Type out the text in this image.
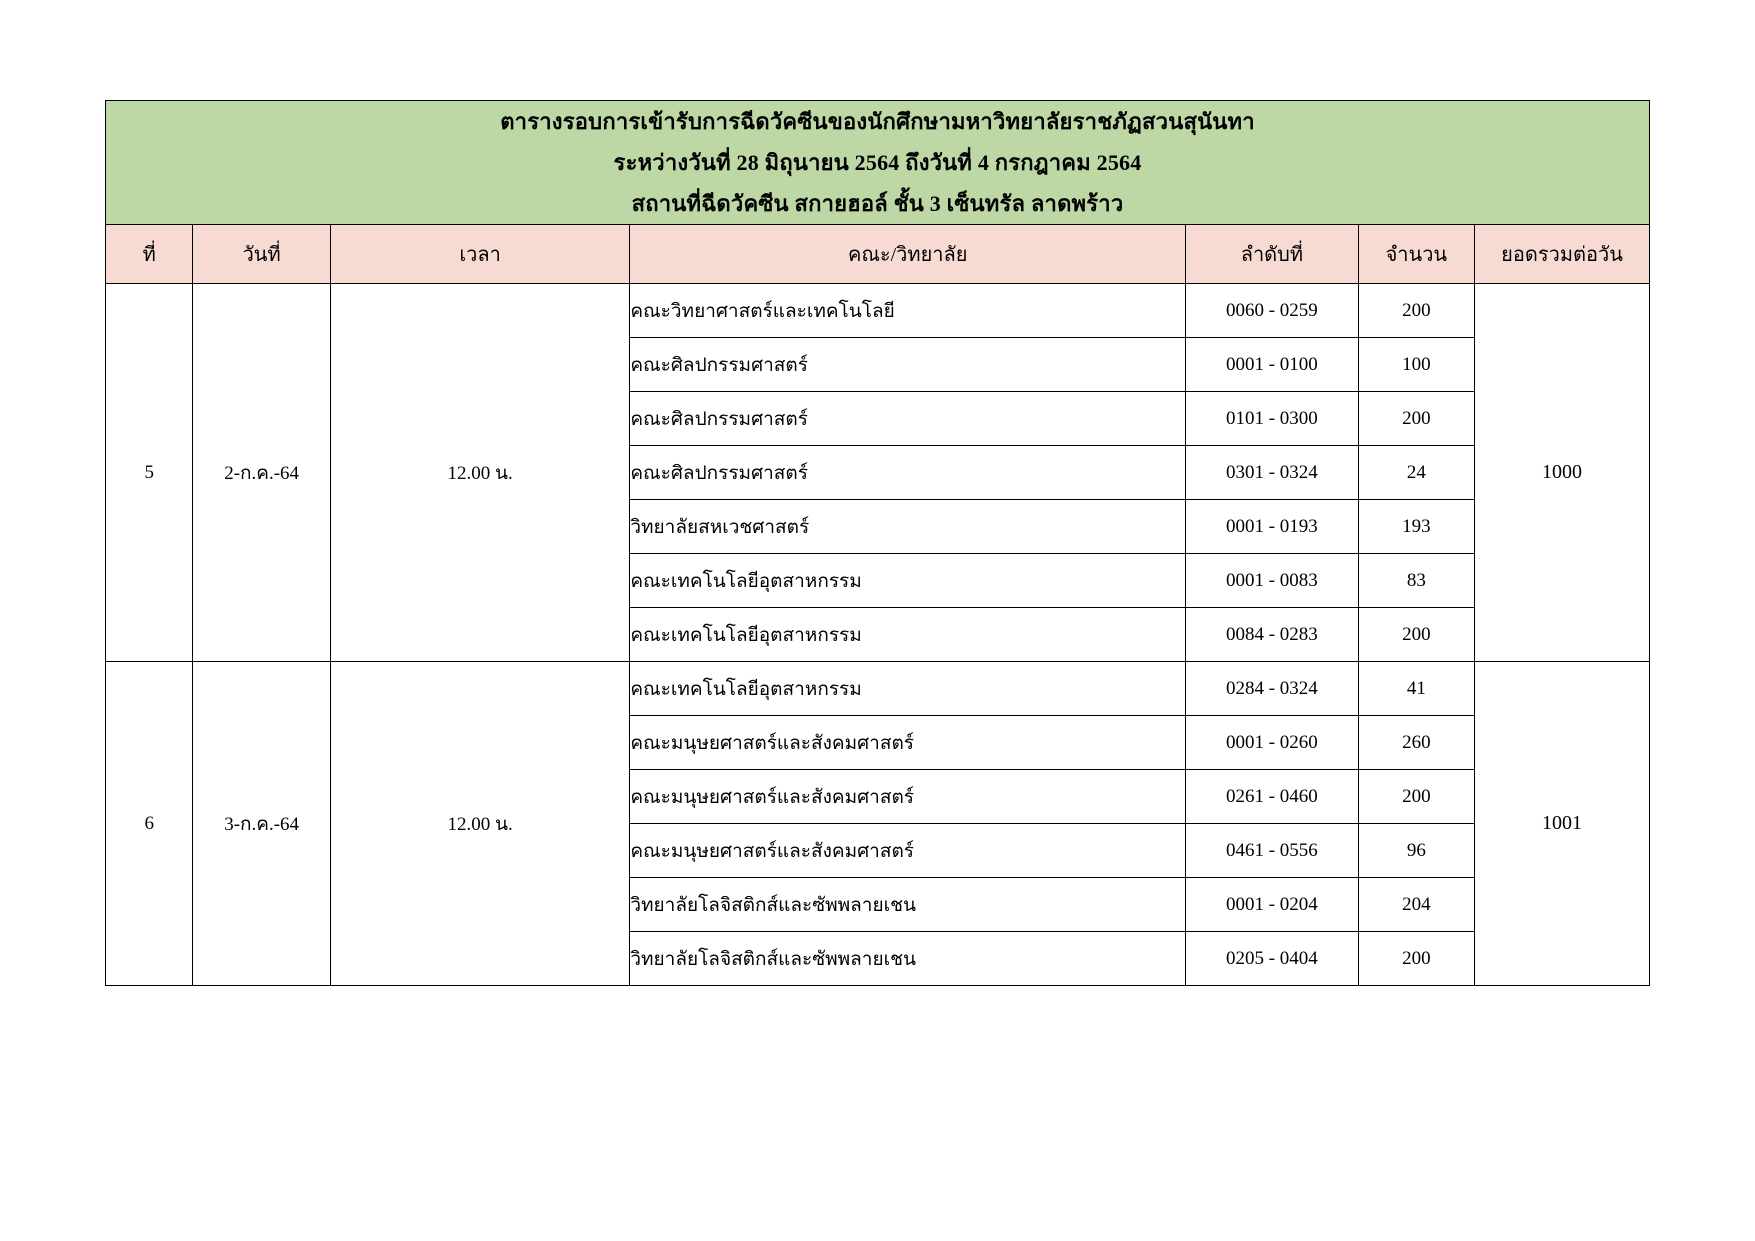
ตารางรอบการเข้ารับการฉีดวัคซีนของนักศึกษามหาวิทยาลัยราชภัฏสวนสุนันทา
ระหว่างวันที่ 28 มิถุนายน 2564 ถึงวันที่ 4 กรกฎาคม 2564
สถานที่ฉีดวัคซีน สกายฮอล์ ชั้น 3 เซ็นทรัล ลาดพร้าว						

ที่	วันที่	เวลา	คณะ/วิทยาลัย	ลำดับที่	จำนวน	ยอดรวมต่อวัน
5	2-ก.ค.-64	12.00 น.	คณะวิทยาศาสตร์และเทคโนโลยี	0060 - 0259	200	1000
			คณะศิลปกรรมศาสตร์	0001 - 0100	100	
			คณะศิลปกรรมศาสตร์	0101 - 0300	200	
			คณะศิลปกรรมศาสตร์	0301 - 0324	24	
			วิทยาลัยสหเวชศาสตร์	0001 - 0193	193	
			คณะเทคโนโลยีอุตสาหกรรม	0001 - 0083	83	
			คณะเทคโนโลยีอุตสาหกรรม	0084 - 0283	200	
6	3-ก.ค.-64	12.00 น.	คณะเทคโนโลยีอุตสาหกรรม	0284 - 0324	41	1001
			คณะมนุษยศาสตร์และสังคมศาสตร์	0001 - 0260	260	
			คณะมนุษยศาสตร์และสังคมศาสตร์	0261 - 0460	200	
			คณะมนุษยศาสตร์และสังคมศาสตร์	0461 - 0556	96	
			วิทยาลัยโลจิสติกส์และซัพพลายเชน	0001 - 0204	204	
			วิทยาลัยโลจิสติกส์และซัพพลายเชน	0205 - 0404	200	
